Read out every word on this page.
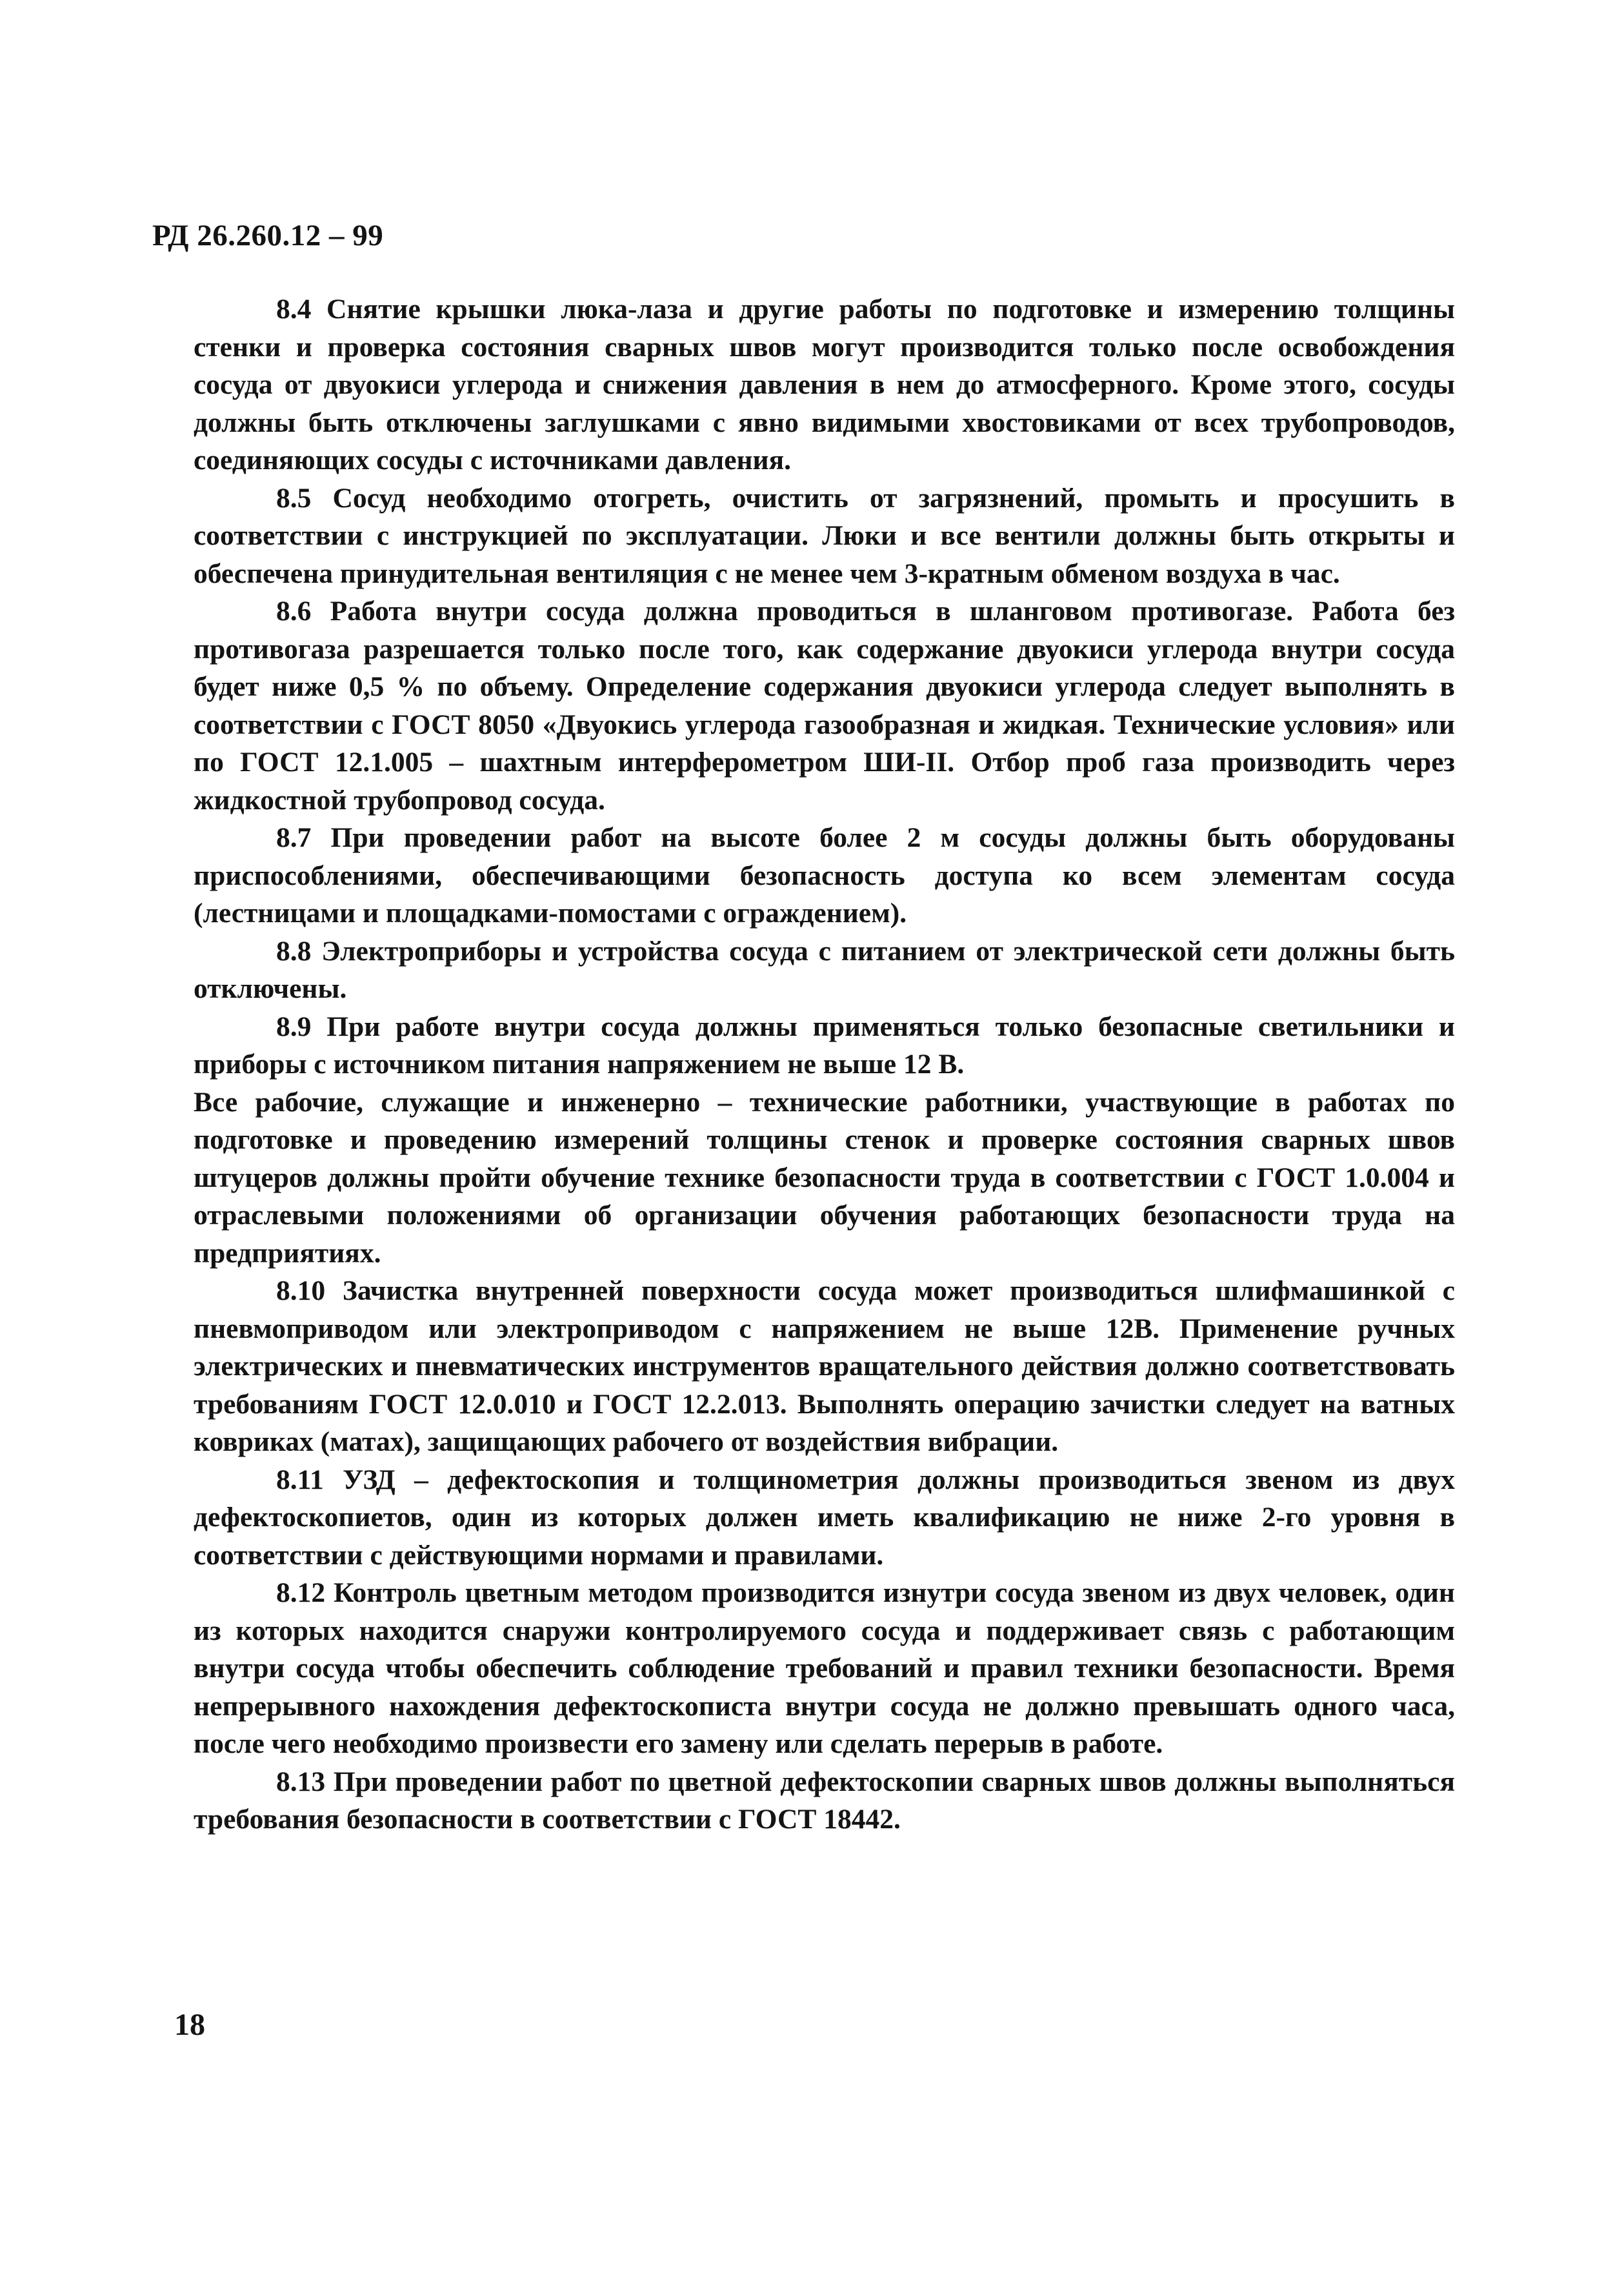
РД 26.260.12 – 99

8.4 Снятие крышки люка-лаза и другие работы по подготовке и измерению толщины стенки и проверка состояния сварных швов могут производится только после освобождения сосуда от двуокиси углерода и снижения давления в нем до атмосферного. Кроме этого, сосуды должны быть отключены заглушками с явно видимыми хвостовиками от всех трубопроводов, соединяющих сосуды с источниками давления.

8.5 Сосуд необходимо отогреть, очистить от загрязнений, промыть и просушить в соответствии с инструкцией по эксплуатации. Люки и все вентили должны быть открыты и обеспечена принудительная вентиляция с не менее чем 3-кратным обменом воздуха в час.

8.6 Работа внутри сосуда должна проводиться в шланговом противогазе. Работа без противогаза разрешается только после того, как содержание двуокиси углерода внутри сосуда будет ниже 0,5 % по объему. Определение содержания двуокиси углерода следует выполнять в соответствии с ГОСТ 8050 «Двуокись углерода газообразная и жидкая. Технические условия» или по ГОСТ 12.1.005 – шахтным интерферометром ШИ-II. Отбор проб газа производить через жидкостной трубопровод сосуда.

8.7 При проведении работ на высоте более 2 м сосуды должны быть оборудованы приспособлениями, обеспечивающими безопасность доступа ко всем элементам сосуда (лестницами и площадками-помостами с ограждением).

8.8 Электроприборы и устройства сосуда с питанием от электрической сети должны быть отключены.

8.9 При работе внутри сосуда должны применяться только безопасные светильники и приборы с источником питания напряжением не выше 12 В.

Все рабочие, служащие и инженерно – технические работники, участвующие в работах по подготовке и проведению измерений толщины стенок и проверке состояния сварных швов штуцеров должны пройти обучение технике безопасности труда в соответствии с ГОСТ 1.0.004 и отраслевыми положениями об организации обучения работающих безопасности труда на предприятиях.

8.10 Зачистка внутренней поверхности сосуда может производиться шлифмашинкой с пневмоприводом или электроприводом с напряжением не выше 12В. Применение ручных электрических и пневматических инструментов вращательного действия должно соответствовать требованиям ГОСТ 12.0.010 и ГОСТ 12.2.013. Выполнять операцию зачистки следует на ватных ковриках (матах), защищающих рабочего от воздействия вибрации.

8.11 УЗД – дефектоскопия и толщинометрия должны производиться звеном из двух дефектоскопиетов, один из которых должен иметь квалификацию не ниже 2-го уровня в соответствии с действующими нормами и правилами.

8.12 Контроль цветным методом производится изнутри сосуда звеном из двух человек, один из которых находится снаружи контролируемого сосуда и поддерживает связь с работающим внутри сосуда чтобы обеспечить соблюдение требований и правил техники безопасности. Время непрерывного нахождения дефектоскописта внутри сосуда не должно превышать одного часа, после чего необходимо произвести его замену или сделать перерыв в работе.

8.13 При проведении работ по цветной дефектоскопии сварных швов должны выполняться требования безопасности в соответствии с ГОСТ 18442.

18
